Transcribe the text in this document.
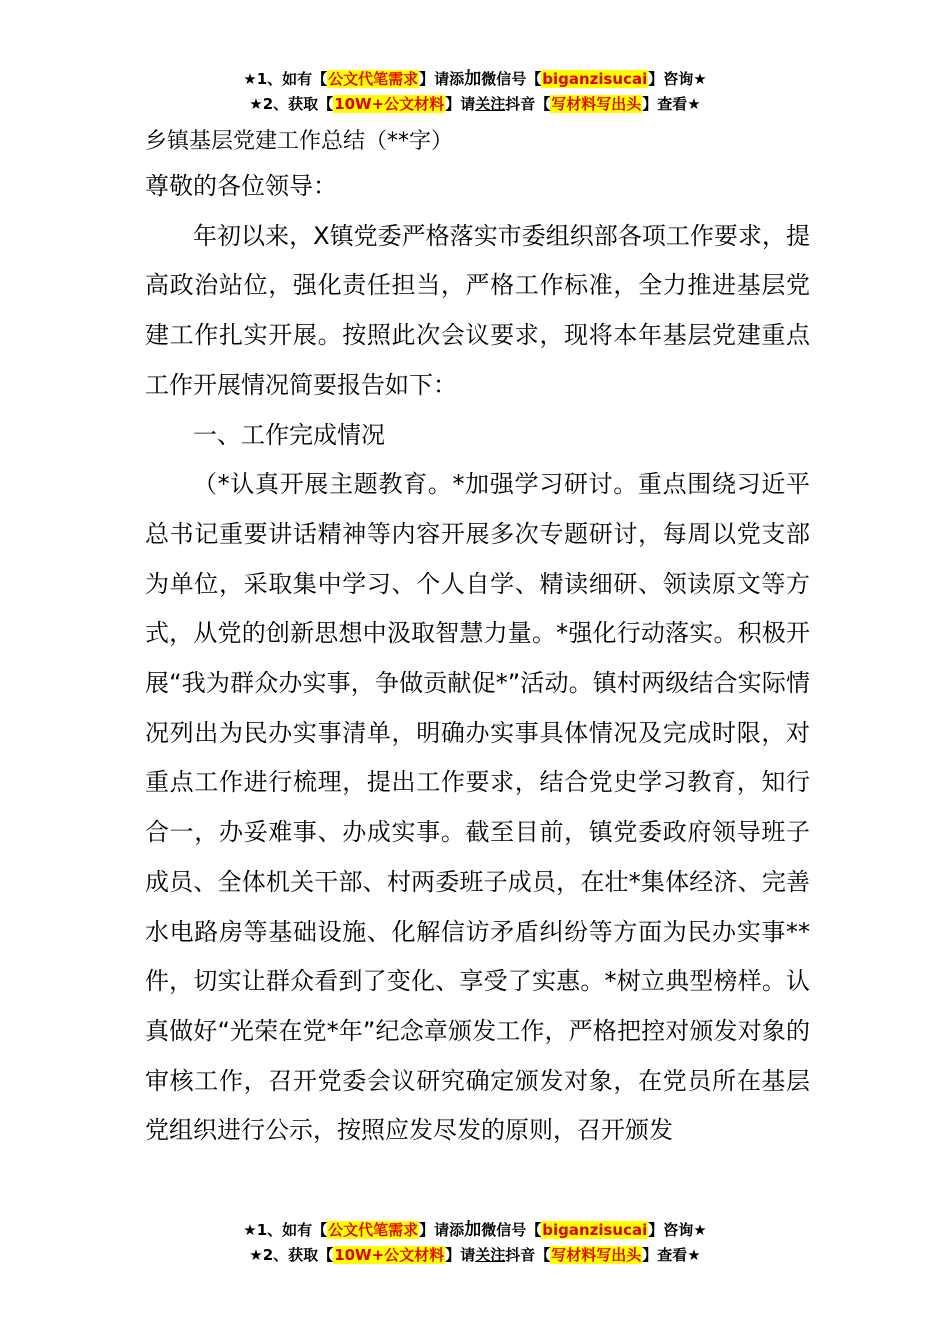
★1、如有【公文代笔需求】请添加微信号【biganzisucai】咨询★
★2、获取【10W+公文材料】请关注抖音【写材料写出头】查看★
乡镇基层党建工作总结（**字）

尊敬的各位领导：

年初以来，X镇党委严格落实市委组织部各项工作要求，提高政治站位，强化责任担当，严格工作标准，全力推进基层党建工作扎实开展。按照此次会议要求，现将本年基层党建重点工作开展情况简要报告如下：

一、工作完成情况

（*认真开展主题教育。*加强学习研讨。重点围绕习近平总书记重要讲话精神等内容开展多次专题研讨，每周以党支部为单位，采取集中学习、个人自学、精读细研、领读原文等方式，从党的创新思想中汲取智慧力量。*强化行动落实。积极开展“我为群众办实事，争做贡献促*”活动。镇村两级结合实际情况列出为民办实事清单，明确办实事具体情况及完成时限，对重点工作进行梳理，提出工作要求，结合党史学习教育，知行合一，办妥难事、办成实事。截至目前，镇党委政府领导班子成员、全体机关干部、村两委班子成员，在壮*集体经济、完善水电路房等基础设施、化解信访矛盾纠纷等方面为民办实事**件，切实让群众看到了变化、享受了实惠。*树立典型榜样。认真做好“光荣在党*年”纪念章颁发工作，严格把控对颁发对象的审核工作，召开党委会议研究确定颁发对象，在党员所在基层党组织进行公示，按照应发尽发的原则，召开颁发

★1、如有【公文代笔需求】请添加微信号【biganzisucai】咨询★
★2、获取【10W+公文材料】请关注抖音【写材料写出头】查看★
